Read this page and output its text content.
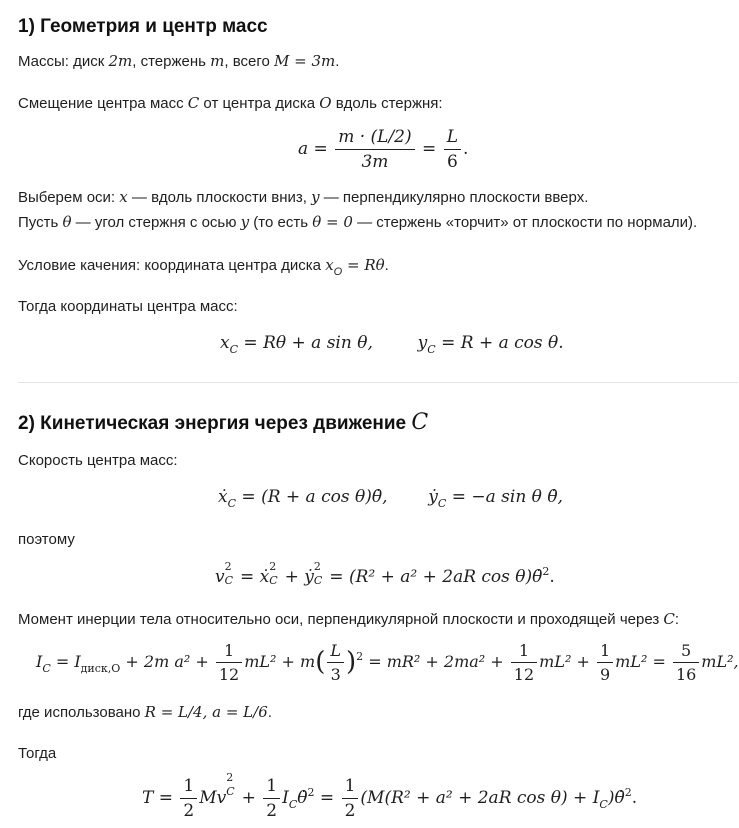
1) Геометрия и центр масс
Массы: диск 2m, стержень m, всего M = 3m.
Смещение центра масс C от центра диска O вдоль стержня:
$a = \frac{m \cdot (L/2)}{3m} = \frac{L}{6}$ .
Выберем оси: x — вдоль плоскости вниз, y — перпендикулярно плоскости вверх.
Пусть θ — угол стержня с осью y (то есть θ = 0 — стержень «торчит» от плоскости по нормали).
Условие качения: координата центра диска $x_O = R\theta$.
Тогда координаты центра масс:
$x_C = R\theta + a$ sin θ,	$y_C = R + a$ cos θ.
2) Кинетическая энергия через движение C
Скорость центра масс:
ẋ$_C$ = (R + a cos θ)θ̇, ẏ$_C$ = −a sin θ θ̇,
поэтому
v
2
C = ẋ
2
C + ẏ
2
C = (R² + a² + 2aR cos θ)θ̇$^2$.
Момент инерции тела относительно оси, перпендикулярной плоскости и проходящей через C:
$I_C = I_{диск,O} + 2m$ $a^2 + \frac{1}{12} mL^2 + m( \frac{L}{3} )^2 = mR^2 + 2ma^2 + \frac{1}{12} mL^2 + \frac{1}{9} mL^2 = \frac{5}{16} mL^2$,
где использовано R = L/4, a = L/6.
Тогда
$T = \frac{1}{2}$ Mv
2
$C + \frac{1}{2}$ $I_C\thetȧ^2 = \frac{1}{2} (M(R^2 + a^2 + 2aR$ $\cos \theta) + I_C)\thetȧ^2$.
